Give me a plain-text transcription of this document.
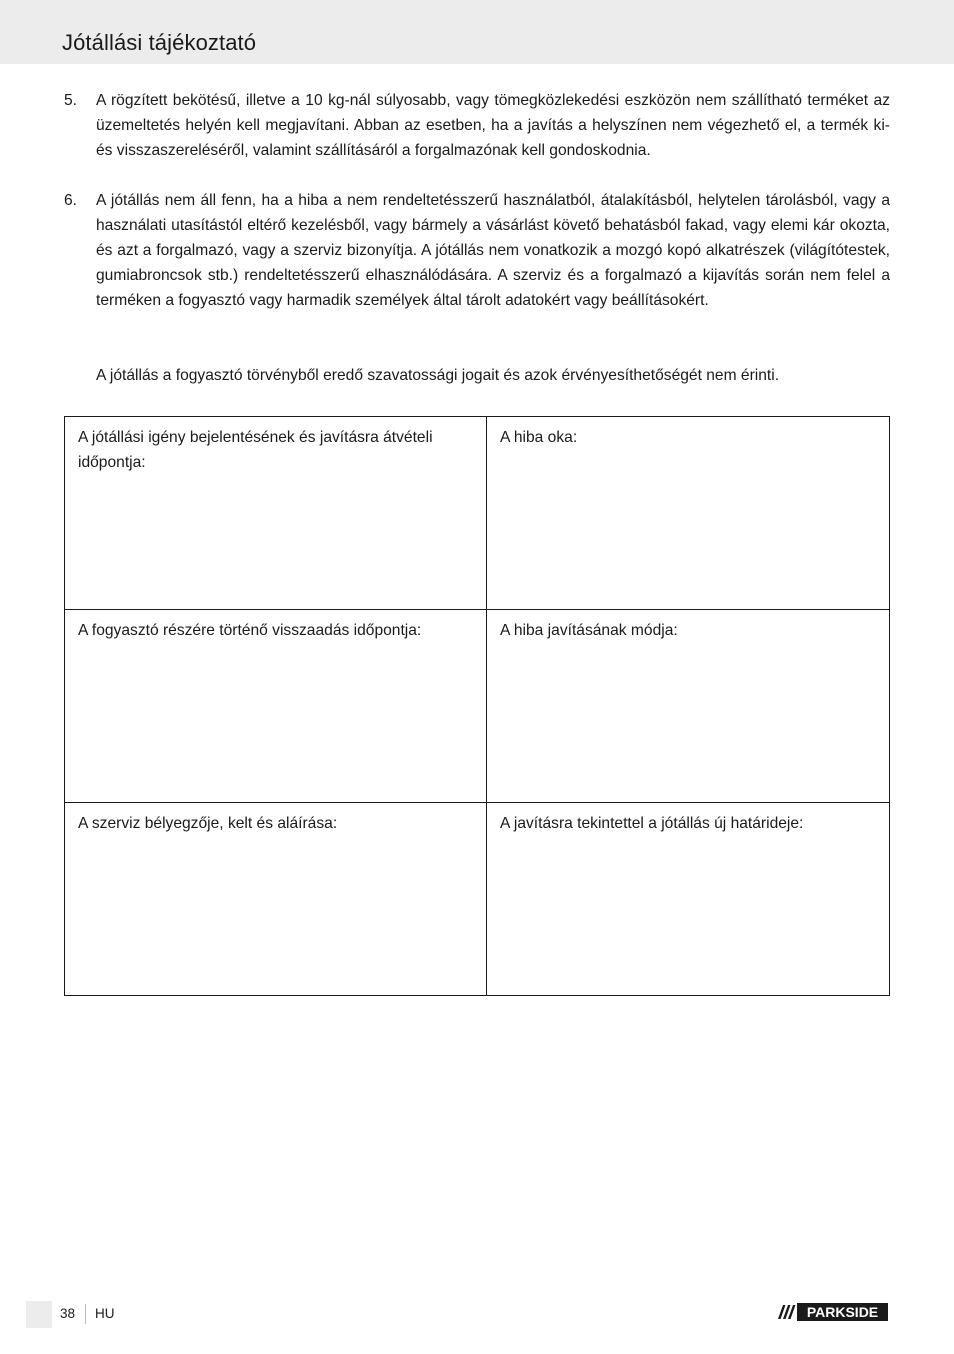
Jótállási tájékoztató
5. A rögzített bekötésű, illetve a 10 kg-nál súlyosabb, vagy tömegközlekedési eszközön nem szállítható terméket az üzemeltetés helyén kell megjavítani. Abban az esetben, ha a javítás a helyszínen nem végezhető el, a termék ki- és visszaszereléséről, valamint szállításáról a forgalmazónak kell gondoskodnia.
6. A jótállás nem áll fenn, ha a hiba a nem rendeltetésszerű használatból, átalakításból, helytelen tárolásból, vagy a használati utasítástól eltérő kezelésből, vagy bármely a vásárlást követő behatásból fakad, vagy elemi kár okozta, és azt a forgalmazó, vagy a szerviz bizonyítja. A jótállás nem vonatkozik a mozgó kopó alkatrészek (világítótestek, gumiabroncsok stb.) rendeltetésszerű elhasználódására. A szerviz és a forgalmazó a kijavítás során nem felel a terméken a fogyasztó vagy harmadik személyek által tárolt adatokért vagy beállításokért.
A jótállás a fogyasztó törvényből eredő szavatossági jogait és azok érvényesíthetőségét nem érinti.
A jótállási igény bejelentésének és javításra átvételi időpontja:	A hiba oka:
A fogyasztó részére történő visszaadás időpontja:	A hiba javításának módja:
A szerviz bélyegzője, kelt és aláírása:	A javításra tekintettel a jótállás új határideje:
38 HU	PARKSIDE
